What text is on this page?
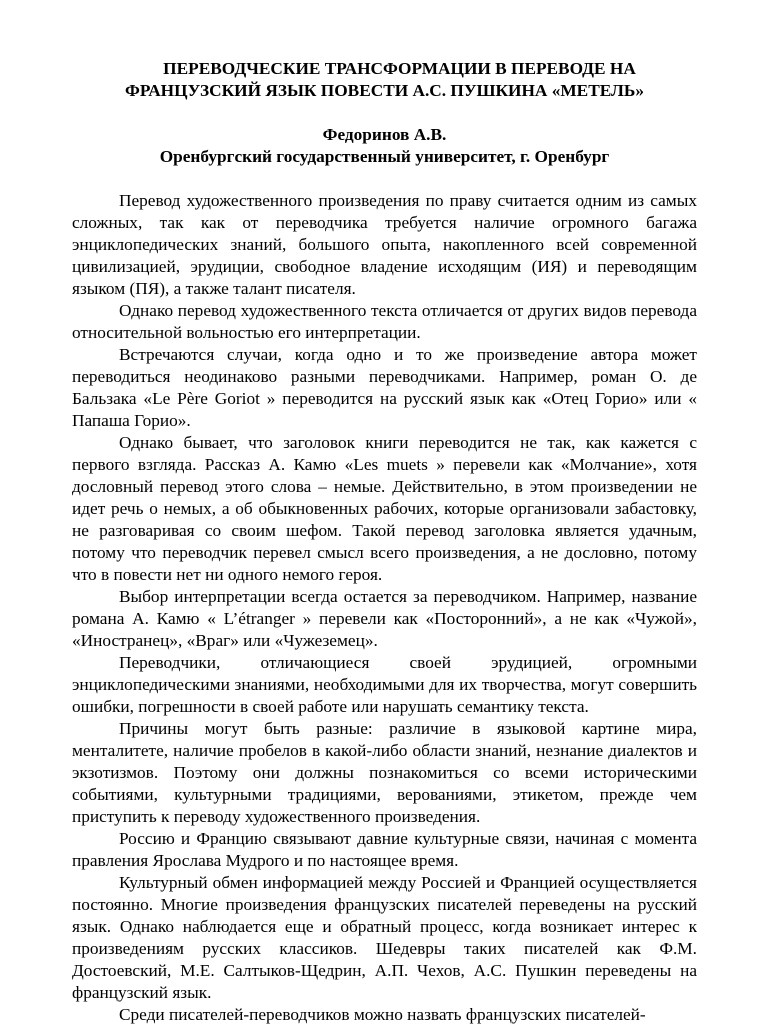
ПЕРЕВОДЧЕСКИЕ ТРАНСФОРМАЦИИ В ПЕРЕВОДЕ НА
ФРАНЦУЗСКИЙ ЯЗЫК ПОВЕСТИ А.С. ПУШКИНА «МЕТЕЛЬ»
Федоринов А.В.
Оренбургский государственный университет, г. Оренбург

Перевод художественного произведения по праву считается одним из самых сложных, так как от переводчика требуется наличие огромного багажа энциклопедических знаний, большого опыта, накопленного всей современной цивилизацией, эрудиции, свободное владение исходящим (ИЯ) и переводящим языком (ПЯ), а также талант писателя.

Однако перевод художественного текста отличается от других видов перевода относительной вольностью его интерпретации.

Встречаются случаи, когда одно и то же произведение автора может переводиться неодинаково разными переводчиками. Например, роман О. де Бальзака «Le Père Goriot » переводится на русский язык как «Отец Горио» или « Папаша Горио».

Однако бывает, что заголовок книги переводится не так, как кажется с первого взгляда. Рассказ А. Камю «Les muets » перевели как «Молчание», хотя дословный перевод этого слова – немые. Действительно, в этом произведении не идет речь о немых, а об обыкновенных рабочих, которые организовали забастовку, не разговаривая со своим шефом. Такой перевод заголовка является удачным, потому что переводчик перевел смысл всего произведения, а не дословно, потому что в повести нет ни одного немого героя.

Выбор интерпретации всегда остается за переводчиком. Например, название романа А. Камю « L’étranger » перевели как «Посторонний», а не как «Чужой», «Иностранец», «Враг» или «Чужеземец».

Переводчики, отличающиеся своей эрудицией, огромными энциклопедическими знаниями, необходимыми для их творчества, могут совершить ошибки, погрешности в своей работе или нарушать семантику текста.

Причины могут быть разные: различие в языковой картине мира, менталитете, наличие пробелов в какой-либо области знаний, незнание диалектов и экзотизмов. Поэтому они должны познакомиться со всеми историческими событиями, культурными традициями, верованиями, этикетом, прежде чем приступить к переводу художественного произведения.

Россию и Францию связывают давние культурные связи, начиная с момента правления Ярослава Мудрого и по настоящее время.

Культурный обмен информацией между Россией и Францией осуществляется постоянно. Многие произведения французских писателей переведены на русский язык. Однако наблюдается еще и обратный процесс, когда возникает интерес к произведениям русских классиков. Шедевры таких писателей как Ф.М. Достоевский, М.Е. Салтыков-Щедрин, А.П. Чехов, А.С. Пушкин переведены на французский язык.

Среди писателей-переводчиков можно назвать французских писателей-
